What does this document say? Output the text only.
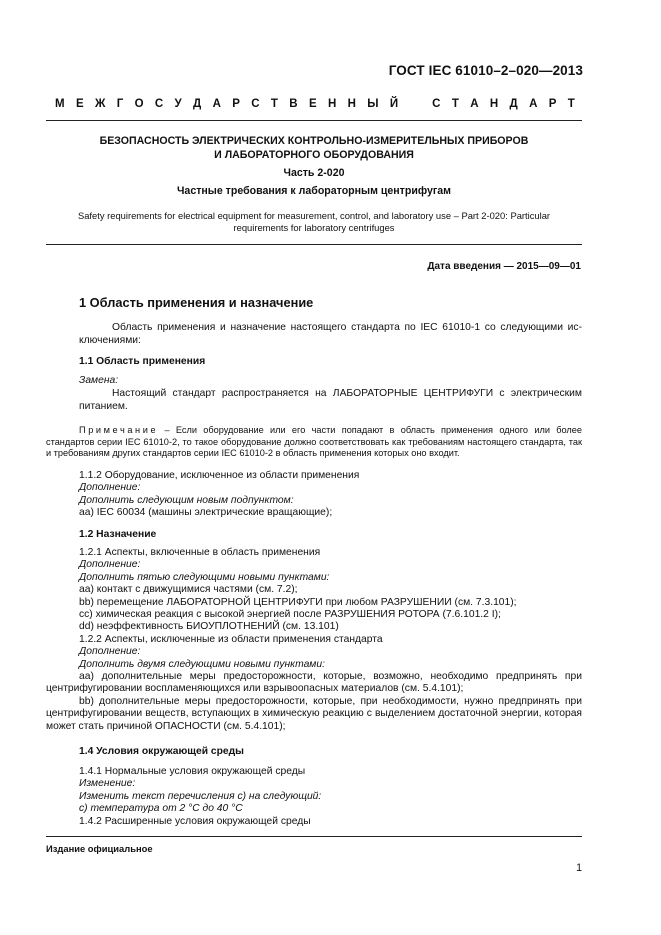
ГОСТ IEC 61010–2–020—2013
М Е Ж Г О С У Д А Р С Т В Е Н Н Ы Й	С Т А Н Д А Р Т
БЕЗОПАСНОСТЬ ЭЛЕКТРИЧЕСКИХ КОНТРОЛЬНО-ИЗМЕРИТЕЛЬНЫХ ПРИБОРОВ
И ЛАБОРАТОРНОГО ОБОРУДОВАНИЯ
Часть 2-020
Частные требования к лабораторным центрифугам
Safety requirements for electrical equipment for measurement, control, and laboratory use – Part 2-020: Particular
requirements for laboratory centrifuges
Дата введения — 2015—09—01
1 Область применения и назначение
Область применения и назначение настоящего стандарта по IEC 61010-1 со следующими ис-ключениями:
1.1 Область применения
Замена:
Настоящий стандарт распространяется на ЛАБОРАТОРНЫЕ ЦЕНТРИФУГИ с электрическим питанием.
Примечание – Если оборудование или его части попадают в область применения одного или более стандартов серии IEC 61010-2, то такое оборудование должно соответствовать как требованиям настоящего стандарта, так и требованиям других стандартов серии IEC 61010-2 в область применения которых оно входит.
1.1.2 Оборудование, исключенное из области применения
Дополнение:
Дополнить следующим новым подпунктом:
aa) IEC 60034 (машины электрические вращающие);
1.2 Назначение
1.2.1 Аспекты, включенные в область применения
Дополнение:
Дополнить пятью следующими новыми пунктами:
aa) контакт с движущимися частями (см. 7.2);
bb) перемещение ЛАБОРАТОРНОЙ ЦЕНТРИФУГИ при любом РАЗРУШЕНИИ (см. 7.3.101);
cc) химическая реакция с высокой энергией после РАЗРУШЕНИЯ РОТОРА (7.6.101.2 I);
dd) неэффективность БИОУПЛОТНЕНИЙ (см. 13.101)
1.2.2 Аспекты, исключенные из области применения стандарта
Дополнение:
Дополнить двумя следующими новыми пунктами:
aa) дополнительные меры предосторожности, которые, возможно, необходимо предпринять при центрифугировании воспламеняющихся или взрывоопасных материалов (см. 5.4.101);
bb) дополнительные меры предосторожности, которые, при необходимости, нужно предпринять при центрифугировании веществ, вступающих в химическую реакцию с выделением достаточной энергии, которая может стать причиной ОПАСНОСТИ (см. 5.4.101);
1.4 Условия окружающей среды
1.4.1 Нормальные условия окружающей среды
Изменение:
Изменить текст перечисления c) на следующий:
c) температура от 2 °C до 40 °C
1.4.2 Расширенные условия окружающей среды
Издание официальное
1
